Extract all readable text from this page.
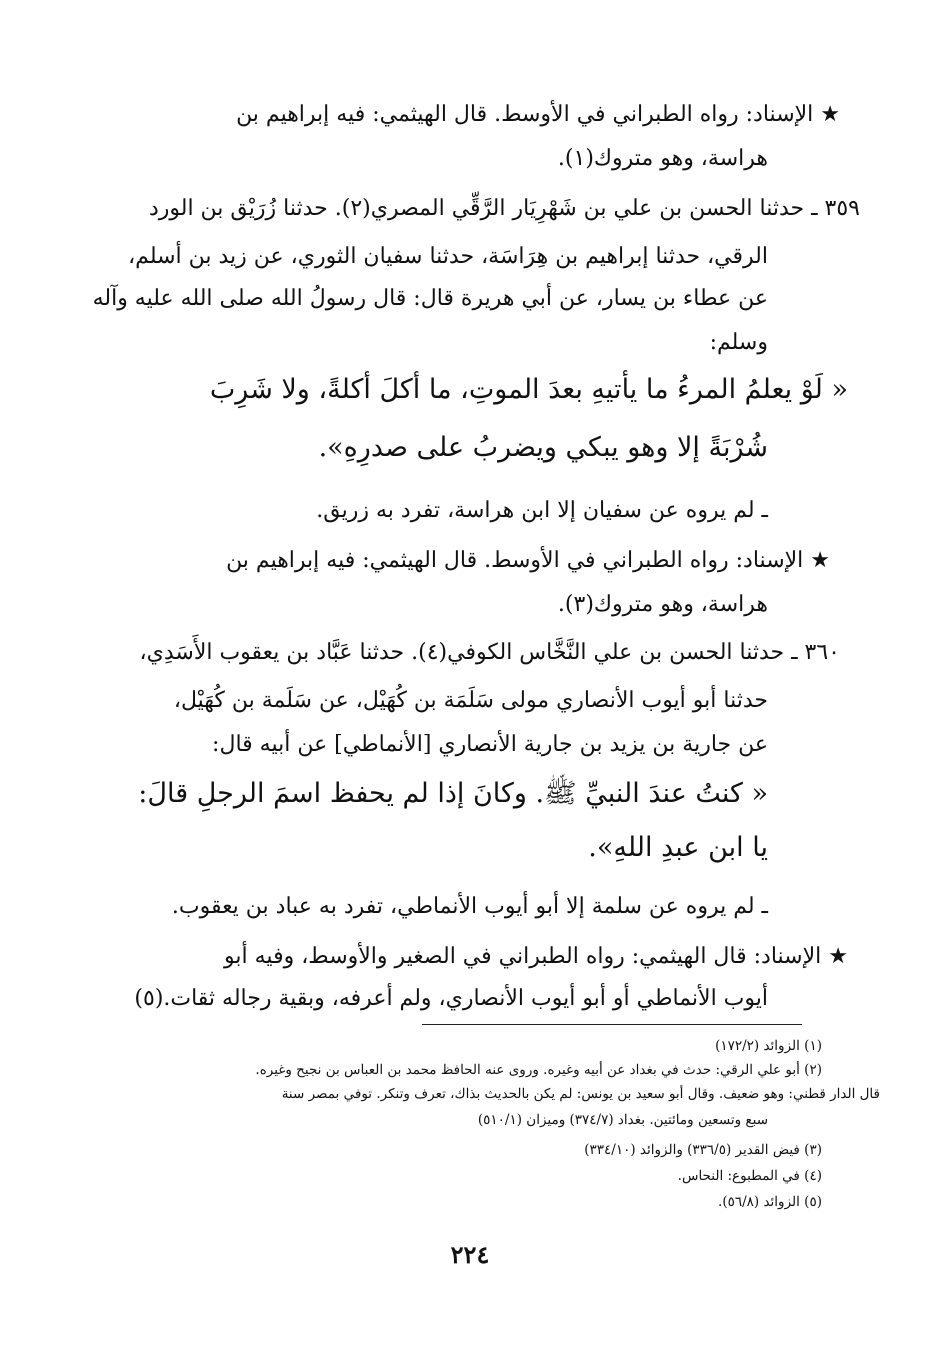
★ الإسناد: رواه الطبراني في الأوسط. قال الهيثمي: فيه إبراهيم بن
هراسة، وهو متروك(١).
٣٥٩ ـ حدثنا الحسن بن علي بن شَهْرِيَار الرَّقِّي المصري(٢). حدثنا زُرَيْق بن الورد
الرقي، حدثنا إبراهيم بن هِرَاسَة، حدثنا سفيان الثوري، عن زيد بن أسلم،
عن عطاء بن يسار، عن أبي هريرة قال: قال رسولُ الله صلى الله عليه وآله
وسلم:
« لَوْ يعلمُ المرءُ ما يأتيهِ بعدَ الموتِ، ما أكلَ أكلةً، ولا شَرِبَ
شُرْبَةً إلا وهو يبكي ويضربُ على صدرِهِ».
ـ لم يروه عن سفيان إلا ابن هراسة، تفرد به زريق.
★ الإسناد: رواه الطبراني في الأوسط. قال الهيثمي: فيه إبراهيم بن
هراسة، وهو متروك(٣).
٣٦٠ ـ حدثنا الحسن بن علي النَّخَّاس الكوفي(٤). حدثنا عَبَّاد بن يعقوب الأَسَدِي،
حدثنا أبو أيوب الأنصاري مولى سَلَمَة بن كُهَيْل، عن سَلَمة بن كُهَيْل،
عن جارية بن يزيد بن جارية الأنصاري [الأنماطي] عن أبيه قال:
« كنتُ عندَ النبيِّ ﷺ. وكانَ إذا لم يحفظ اسمَ الرجلِ قالَ:
يا ابن عبدِ اللهِ».
ـ لم يروه عن سلمة إلا أبو أيوب الأنماطي، تفرد به عباد بن يعقوب.
★ الإسناد: قال الهيثمي: رواه الطبراني في الصغير والأوسط، وفيه أبو
أيوب الأنماطي أو أبو أيوب الأنصاري، ولم أعرفه، وبقية رجاله ثقات.(٥)
(١) الزوائد (١٧٢/٢)
(٢) أبو علي الرقي: حدث في بغداد عن أبيه وغيره. وروى عنه الحافظ محمد بن العباس بن نجيح وغيره.
قال الدار قطني: وهو ضعيف. وقال أبو سعيد بن يونس: لم يكن بالحديث بذاك، تعرف وتنكر. توفي بمصر سنة
سبع وتسعين ومائتين. بغداد (٣٧٤/٧) وميزان (٥١٠/١)
(٣) فيض القدير (٣٣٦/٥) والزوائد (٣٣٤/١٠)
(٤) في المطبوع: النحاس.
(٥) الزوائد (٥٦/٨).
٢٢٤
